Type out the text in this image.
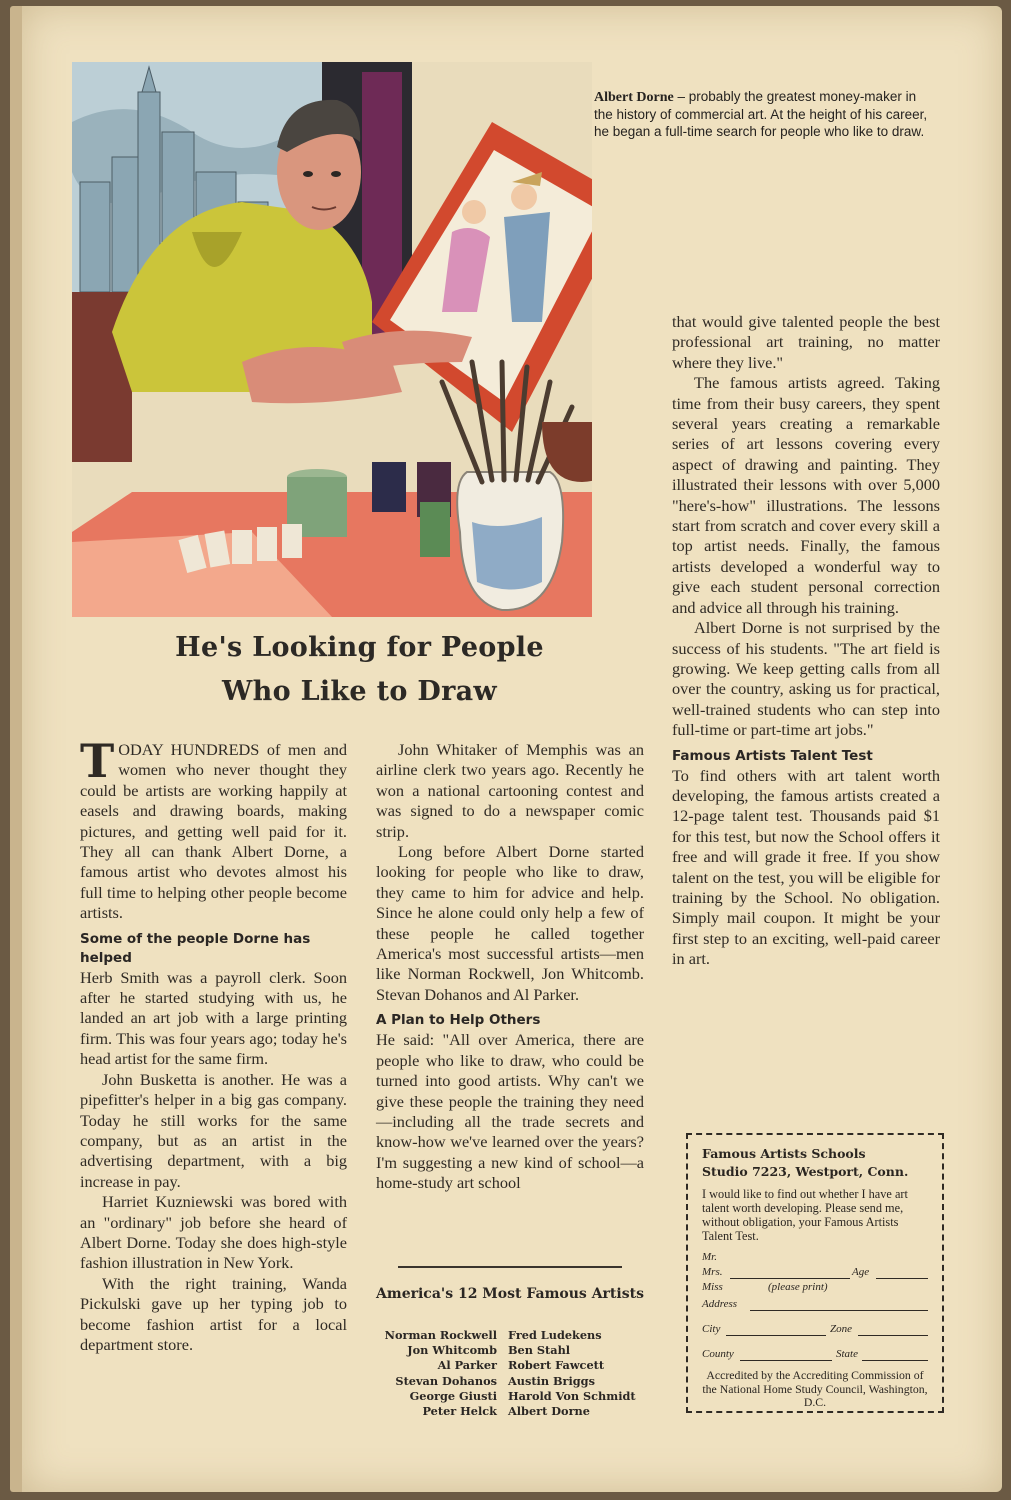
Albert Dorne – probably the greatest money-maker in the history of commercial art. At the height of his career, he began a full-time search for people who like to draw.
He's Looking for People
Who Like to Draw

TODAY HUNDREDS of men and women who never thought they could be artists are working happily at easels and drawing boards, making pictures, and getting well paid for it. They all can thank Albert Dorne, a famous artist who devotes almost his full time to helping other people become artists.

Some of the people Dorne has helped

Herb Smith was a payroll clerk. Soon after he started studying with us, he landed an art job with a large printing firm. This was four years ago; today he's head artist for the same firm.

John Busketta is another. He was a pipefitter's helper in a big gas company. Today he still works for the same company, but as an artist in the advertising department, with a big increase in pay.

Harriet Kuzniewski was bored with an "ordinary" job before she heard of Albert Dorne. Today she does high-style fashion illustration in New York.

With the right training, Wanda Pickulski gave up her typing job to become fashion artist for a local department store.

John Whitaker of Memphis was an airline clerk two years ago. Recently he won a national cartooning contest and was signed to do a newspaper comic strip.

Long before Albert Dorne started looking for people who like to draw, they came to him for advice and help. Since he alone could only help a few of these people he called together America's most successful artists—men like Norman Rockwell, Jon Whitcomb. Stevan Dohanos and Al Parker.

A Plan to Help Others

He said: "All over America, there are people who like to draw, who could be turned into good artists. Why can't we give these people the training they need—including all the trade secrets and know-how we've learned over the years? I'm suggesting a new kind of school—a home-study art school

America's 12 Most Famous Artists
Norman Rockwell
Jon Whitcomb
Al Parker
Stevan Dohanos
George Giusti
Peter Helck
Fred Ludekens
Ben Stahl
Robert Fawcett
Austin Briggs
Harold Von Schmidt
Albert Dorne

that would give talented people the best professional art training, no matter where they live."

The famous artists agreed. Taking time from their busy careers, they spent several years creating a remarkable series of art lessons covering every aspect of drawing and painting. They illustrated their lessons with over 5,000 "here's-how" illustrations. The lessons start from scratch and cover every skill a top artist needs. Finally, the famous artists developed a wonderful way to give each student personal correction and advice all through his training.

Albert Dorne is not surprised by the success of his students. "The art field is growing. We keep getting calls from all over the country, asking us for practical, well-trained students who can step into full-time or part-time art jobs."

Famous Artists Talent Test

To find others with art talent worth developing, the famous artists created a 12-page talent test. Thousands paid $1 for this test, but now the School offers it free and will grade it free. If you show talent on the test, you will be eligible for training by the School. No obligation. Simply mail coupon. It might be your first step to an exciting, well-paid career in art.

Famous Artists Schools
Studio 7223, Westport, Conn.
I would like to find out whether I have art talent worth developing. Please send me, without obligation, your Famous Artists Talent Test.
Mr.
Mrs.	Age
Miss	(please print)
Address
City	Zone
County	State
Accredited by the Accrediting Commission of the National Home Study Council, Washington, D.C.
